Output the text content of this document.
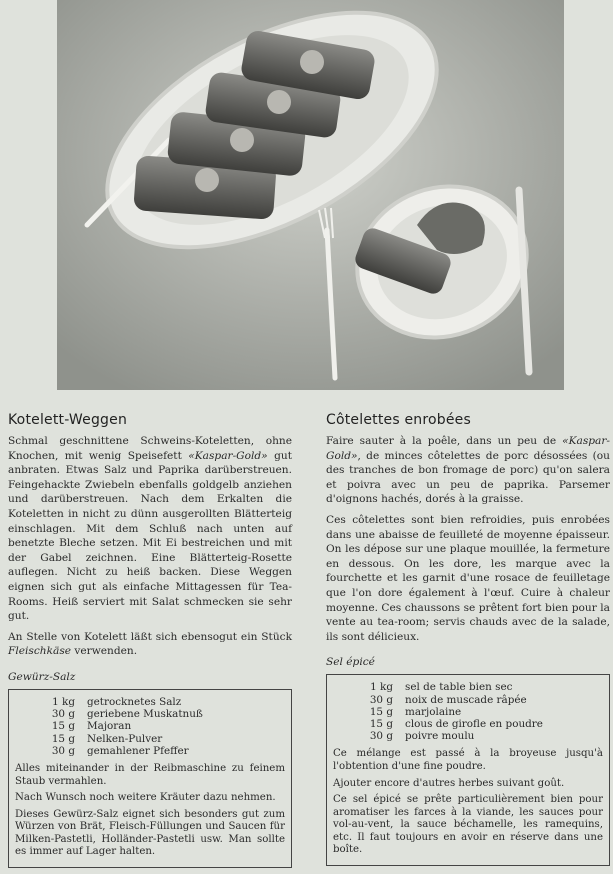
Kotelett-Weggen

Schmal geschnittene Schweins-Koteletten, ohne Knochen, mit wenig Speisefett «Kaspar-Gold» gut anbraten. Etwas Salz und Paprika darüberstreuen. Feingehackte Zwiebeln ebenfalls goldgelb anziehen und darüberstreuen. Nach dem Erkalten die Koteletten in nicht zu dünn ausgerollten Blätterteig einschlagen. Mit dem Schluß nach unten auf benetzte Bleche setzen. Mit Ei bestreichen und mit der Gabel zeichnen. Eine Blätterteig-Rosette auflegen. Nicht zu heiß backen. Diese Weggen eignen sich gut als einfache Mittagessen für Tea-Rooms. Heiß serviert mit Salat schmecken sie sehr gut.

An Stelle von Kotelett läßt sich ebensogut ein Stück Fleischkäse verwenden.

Gewürz-Salz
1 kg	getrocknetes Salz
30 g	geriebene Muskatnuß
15 g	Majoran
15 g	Nelken-Pulver
30 g	gemahlener Pfeffer

Alles miteinander in der Reibmaschine zu feinem Staub vermahlen.

Nach Wunsch noch weitere Kräuter dazu nehmen.

Dieses Gewürz-Salz eignet sich besonders gut zum Würzen von Brät, Fleisch-Füllungen und Saucen für Milken-Pastetli, Holländer-Pastetli usw. Man sollte es immer auf Lager halten.

Côtelettes enrobées

Faire sauter à la poêle, dans un peu de «Kaspar-Gold», de minces côtelettes de porc désossées (ou des tranches de bon fromage de porc) qu'on salera et poivra avec un peu de paprika. Parsemer d'oignons hachés, dorés à la graisse.

Ces côtelettes sont bien refroidies, puis enrobées dans une abaisse de feuilleté de moyenne épaisseur. On les dépose sur une plaque mouillée, la fermeture en dessous. On les dore, les marque avec la fourchette et les garnit d'une rosace de feuilletage que l'on dore également à l'œuf. Cuire à chaleur moyenne. Ces chaussons se prêtent fort bien pour la vente au tea-room; servis chauds avec de la salade, ils sont délicieux.

Sel épicé
1 kg	sel de table bien sec
30 g	noix de muscade râpée
15 g	marjolaine
15 g	clous de girofle en poudre
30 g	poivre moulu

Ce mélange est passé à la broyeuse jusqu'à l'obtention d'une fine poudre.

Ajouter encore d'autres herbes suivant goût.

Ce sel épicé se prête particulièrement bien pour aromatiser les farces à la viande, les sauces pour vol-au-vent, la sauce béchamelle, les ramequins, etc. Il faut toujours en avoir en réserve dans une boîte.
